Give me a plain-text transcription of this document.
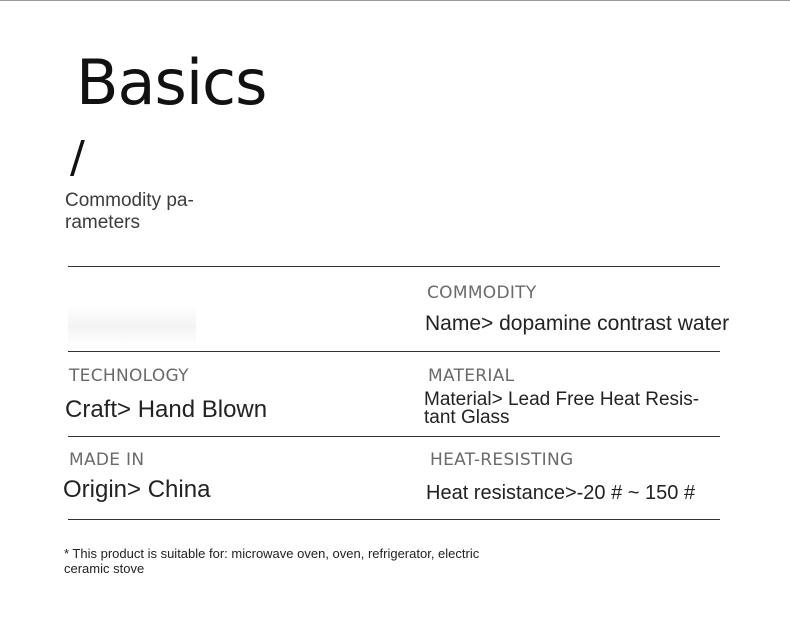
Basics
/
Commodity pa-
rameters
COMMODITY
Name> dopamine contrast water
TECHNOLOGY
Craft> Hand Blown
MATERIAL
Material> Lead Free Heat Resis-
tant Glass
MADE IN
Origin> China
HEAT-RESISTING
Heat resistance>-20 # ~ 150 #
* This product is suitable for: microwave oven, oven, refrigerator, electric
ceramic stove
